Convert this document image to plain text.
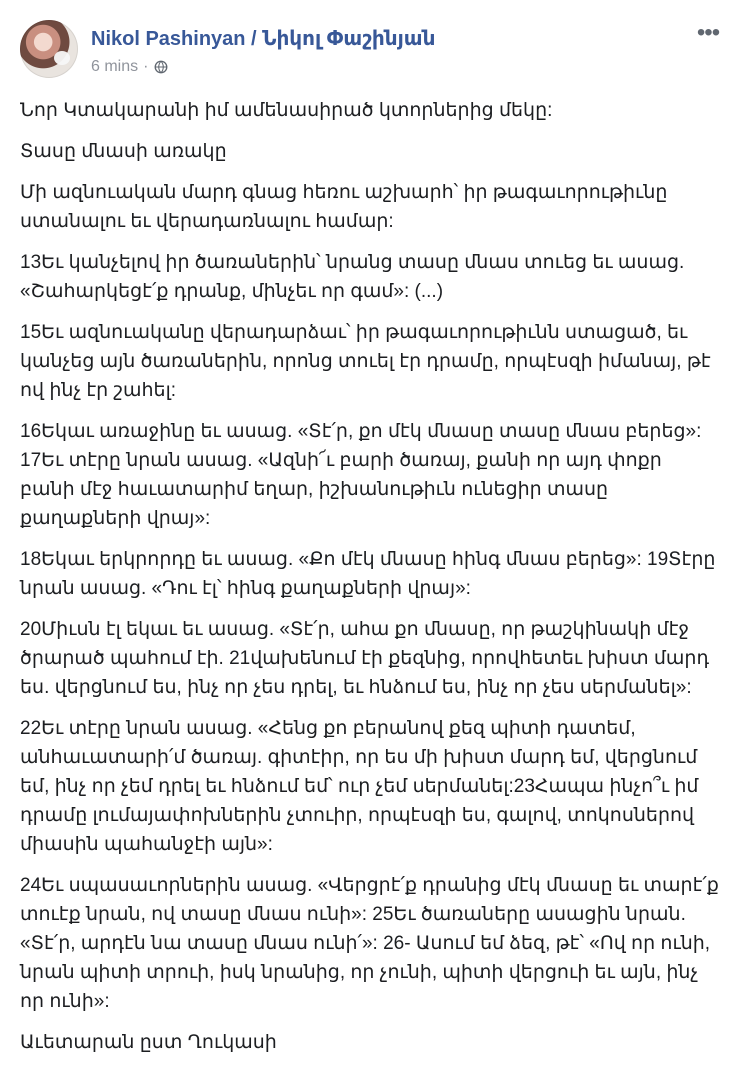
Nikol Pashinyan / Նիկոլ Փաշինյան
6 mins ·
•••

Նոր Կտակարանի իմ ամենասիրած կտորներից մեկը:

Տասը մնասի առակը

Մի ազնուական մարդ գնաց հեռու աշխարհ՝ իր թագաւորութիւնը ստանալու եւ վերադառնալու համար:

13Եւ կանչելով իր ծառաներին՝ նրանց տասը մնաս տուեց եւ ասաց. «Շահարկեցէ՛ք դրանք, մինչեւ որ գամ»: (...)

15Եւ ազնուականը վերադարձաւ՝ իր թագաւորութիւնն ստացած, եւ կանչեց այն ծառաներին, որոնց տուել էր դրամը, որպէսզի իմանայ, թէ ով ինչ էր շահել:

16Եկաւ առաջինը եւ ասաց. «Տէ՛ր, քո մէկ մնասը տասը մնաս բերեց»: 17Եւ տէրը նրան ասաց. «Ազնի՜ւ բարի ծառայ, քանի որ այդ փոքր բանի մէջ հաւատարիմ եղար, իշխանութիւն ունեցիր տասը քաղաքների վրայ»:

18Եկաւ երկրորդը եւ ասաց. «Քո մէկ մնասը հինգ մնաս բերեց»: 19Տէրը նրան ասաց. «Դու էլ՝ հինգ քաղաքների վրայ»:

20Միւսն էլ եկաւ եւ ասաց. «Տէ՛ր, ահա քո մնասը, որ թաշկինակի մէջ ծրարած պահում էի. 21վախենում էի քեզնից, որովհետեւ խիստ մարդ ես. վերցնում ես, ինչ որ չես դրել, եւ հնձում ես, ինչ որ չես սերմանել»:

22Եւ տէրը նրան ասաց. «Հենց քո բերանով քեզ պիտի դատեմ, անհաւատարի՛մ ծառայ. գիտէիր, որ ես մի խիստ մարդ եմ, վերցնում եմ, ինչ որ չեմ դրել եւ հնձում եմ՝ ուր չեմ սերմանել:23Հապա ինչո՞ւ իմ դրամը լումայափոխներին չտուիր, որպէսզի ես, գալով, տոկոսներով միասին պահանջէի այն»:

24Եւ սպասաւորներին ասաց. «Վերցրէ՛ք դրանից մէկ մնասը եւ տարէ՛ք տուէք նրան, ով տասը մնաս ունի»: 25Եւ ծառաները ասացին նրան. «Տէ՛ր, արդէն նա տասը մնաս ունի՛»: 26- Ասում եմ ձեզ, թէ՝ «Ով որ ունի, նրան պիտի տրուի, իսկ նրանից, որ չունի, պիտի վերցուի եւ այն, ինչ որ ունի»:

Աւետարան ըստ Ղուկասի
